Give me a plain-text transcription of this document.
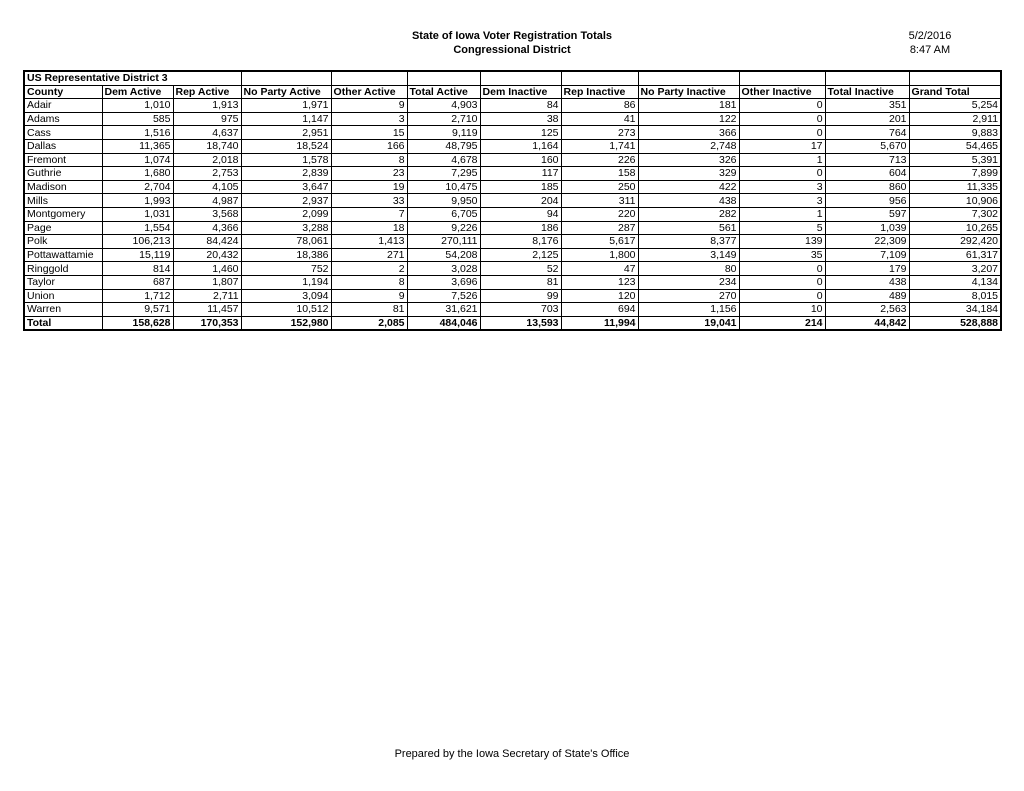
State of Iowa Voter Registration Totals
Congressional District
5/2/2016
8:47 AM
US Representative District 3											
County	Dem Active	Rep Active	No Party Active	Other Active	Total Active	Dem Inactive	Rep Inactive	No Party Inactive	Other Inactive	Total Inactive	Grand Total
Adair	1,010	1,913	1,971	9	4,903	84	86	181	0	351	5,254
Adams	585	975	1,147	3	2,710	38	41	122	0	201	2,911
Cass	1,516	4,637	2,951	15	9,119	125	273	366	0	764	9,883
Dallas	11,365	18,740	18,524	166	48,795	1,164	1,741	2,748	17	5,670	54,465
Fremont	1,074	2,018	1,578	8	4,678	160	226	326	1	713	5,391
Guthrie	1,680	2,753	2,839	23	7,295	117	158	329	0	604	7,899
Madison	2,704	4,105	3,647	19	10,475	185	250	422	3	860	11,335
Mills	1,993	4,987	2,937	33	9,950	204	311	438	3	956	10,906
Montgomery	1,031	3,568	2,099	7	6,705	94	220	282	1	597	7,302
Page	1,554	4,366	3,288	18	9,226	186	287	561	5	1,039	10,265
Polk	106,213	84,424	78,061	1,413	270,111	8,176	5,617	8,377	139	22,309	292,420
Pottawattamie	15,119	20,432	18,386	271	54,208	2,125	1,800	3,149	35	7,109	61,317
Ringgold	814	1,460	752	2	3,028	52	47	80	0	179	3,207
Taylor	687	1,807	1,194	8	3,696	81	123	234	0	438	4,134
Union	1,712	2,711	3,094	9	7,526	99	120	270	0	489	8,015
Warren	9,571	11,457	10,512	81	31,621	703	694	1,156	10	2,563	34,184
Total	158,628	170,353	152,980	2,085	484,046	13,593	11,994	19,041	214	44,842	528,888
Prepared by the Iowa Secretary of State's Office
